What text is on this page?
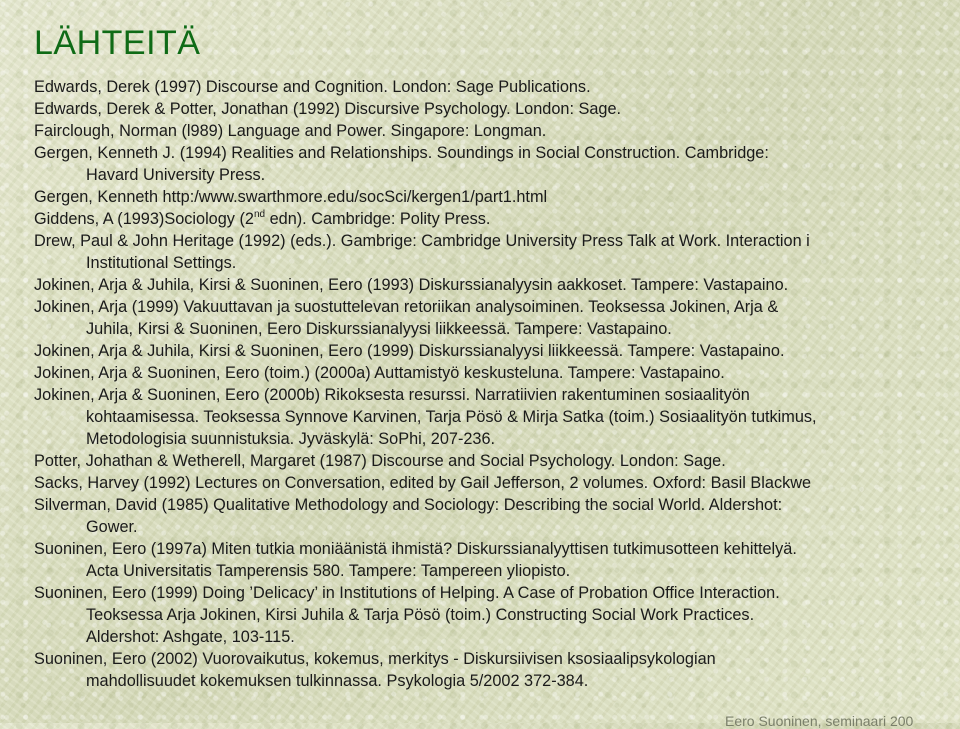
LÄHTEITÄ
Edwards, Derek (1997) Discourse and Cognition. London: Sage Publications.
Edwards, Derek & Potter, Jonathan (1992) Discursive Psychology. London: Sage.
Fairclough, Norman (l989) Language and Power. Singapore: Longman.
Gergen, Kenneth J. (1994) Realities and Relationships. Soundings in Social Construction. Cambridge:
Havard University Press.
Gergen, Kenneth http:/www.swarthmore.edu/socSci/kergen1/part1.html
Giddens, A (1993)Sociology (2nd edn). Cambridge: Polity Press.
Drew, Paul & John Heritage (1992) (eds.). Gambrige: Cambridge University Press Talk at Work. Interaction i
Institutional Settings.
Jokinen, Arja & Juhila, Kirsi & Suoninen, Eero (1993) Diskurssianalyysin aakkoset. Tampere: Vastapaino.
Jokinen, Arja (1999) Vakuuttavan ja suostuttelevan retoriikan analysoiminen. Teoksessa Jokinen, Arja &
Juhila, Kirsi & Suoninen, Eero Diskurssianalyysi liikkeessä. Tampere: Vastapaino.
Jokinen, Arja & Juhila, Kirsi & Suoninen, Eero (1999) Diskurssianalyysi liikkeessä. Tampere: Vastapaino.
Jokinen, Arja & Suoninen, Eero (toim.) (2000a) Auttamistyö keskusteluna. Tampere: Vastapaino.
Jokinen, Arja & Suoninen, Eero (2000b) Rikoksesta resurssi. Narratiivien rakentuminen sosiaalityön
kohtaamisessa. Teoksessa Synnove Karvinen, Tarja Pösö & Mirja Satka (toim.) Sosiaalityön tutkimus,
Metodologisia suunnistuksia. Jyväskylä: SoPhi, 207-236.
Potter, Johathan & Wetherell, Margaret (1987) Discourse and Social Psychology. London: Sage.
Sacks, Harvey (1992) Lectures on Conversation, edited by Gail Jefferson, 2 volumes. Oxford: Basil Blackwe
Silverman, David (1985) Qualitative Methodology and Sociology: Describing the social World. Aldershot:
Gower.
Suoninen, Eero (1997a) Miten tutkia moniäänistä ihmistä? Diskurssianalyyttisen tutkimusotteen kehittelyä.
Acta Universitatis Tamperensis 580. Tampere: Tampereen yliopisto.
Suoninen, Eero (1999) Doing ’Delicacy’ in Institutions of Helping. A Case of Probation Office Interaction.
Teoksessa Arja Jokinen, Kirsi Juhila & Tarja Pösö (toim.) Constructing Social Work Practices.
Aldershot: Ashgate, 103-115.
Suoninen, Eero (2002) Vuorovaikutus, kokemus, merkitys - Diskursiivisen ksosiaalipsykologian
mahdollisuudet kokemuksen tulkinnassa. Psykologia 5/2002 372-384.
Eero Suoninen, seminaari 200
